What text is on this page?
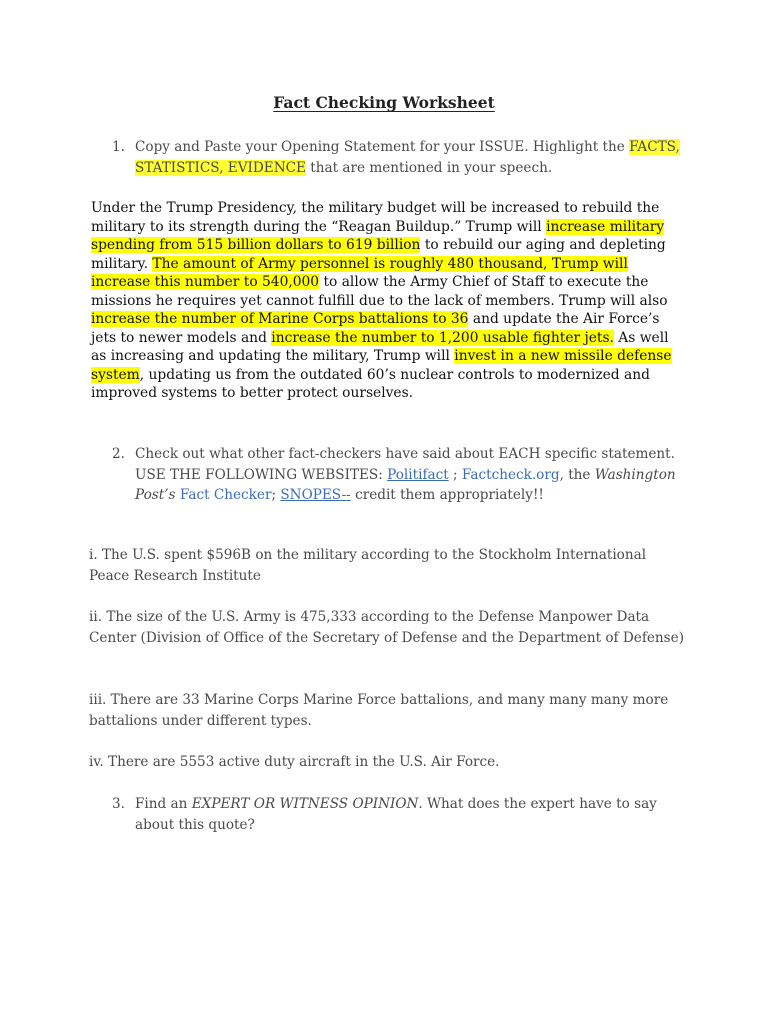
Fact Checking Worksheet
1. Copy and Paste your Opening Statement for your ISSUE. Highlight the FACTS, STATISTICS, EVIDENCE that are mentioned in your speech.
Under the Trump Presidency, the military budget will be increased to rebuild the military to its strength during the “Reagan Buildup.” Trump will increase military spending from 515 billion dollars to 619 billion to rebuild our aging and depleting military. The amount of Army personnel is roughly 480 thousand, Trump will increase this number to 540,000 to allow the Army Chief of Staff to execute the missions he requires yet cannot fulfill due to the lack of members. Trump will also increase the number of Marine Corps battalions to 36 and update the Air Force’s jets to newer models and increase the number to 1,200 usable fighter jets. As well as increasing and updating the military, Trump will invest in a new missile defense system, updating us from the outdated 60’s nuclear controls to modernized and improved systems to better protect ourselves.
2. Check out what other fact-checkers have said about EACH specific statement. USE THE FOLLOWING WEBSITES: Politifact ; Factcheck.org, the Washington Post’s Fact Checker; SNOPES-- credit them appropriately!!
i. The U.S. spent $596B on the military according to the Stockholm International Peace Research Institute
ii. The size of the U.S. Army is 475,333 according to the Defense Manpower Data Center (Division of Office of the Secretary of Defense and the Department of Defense)
iii. There are 33 Marine Corps Marine Force battalions, and many many many more battalions under different types.
iv. There are 5553 active duty aircraft in the U.S. Air Force.
3. Find an EXPERT OR WITNESS OPINION. What does the expert have to say about this quote?
